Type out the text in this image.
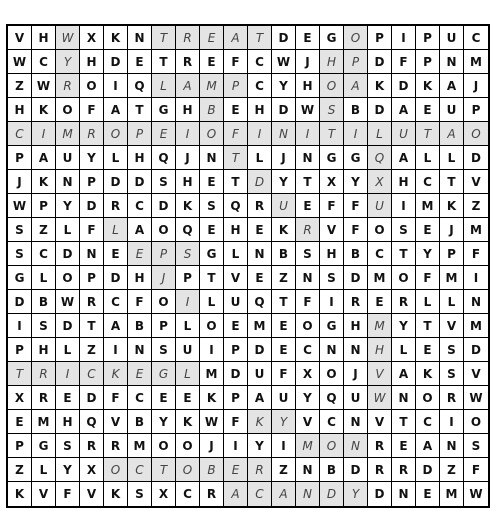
V	H	W	X	K	N	T	R	E	A	T	D	E	G	O	P	I	P	U	C
W	C	Y	H	D	E	T	R	E	F	C	W	J	H	P	D	F	P	N	M
Z	W	R	O	I	Q	L	A	M	P	C	Y	H	O	A	K	D	K	A	J
H	K	O	F	A	T	G	H	B	E	H	D	W	S	B	D	A	E	U	P
C	I	M	R	O	P	E	I	O	F	I	N	I	T	I	L	U	T	A	O
P	A	U	Y	L	H	Q	J	N	T	L	J	N	G	G	Q	A	L	L	D
J	K	N	P	D	D	S	H	E	T	D	Y	T	X	Y	X	H	C	T	V
W	P	Y	D	R	C	D	K	S	Q	R	U	E	F	F	U	I	M	K	Z
S	Z	L	F	L	A	O	Q	E	H	E	K	R	V	F	O	S	E	J	M
S	C	D	N	E	E	P	S	G	L	N	B	S	H	B	C	T	Y	P	F
G	L	O	P	D	H	J	P	T	V	E	Z	N	S	D	M	O	F	M	I
D	B	W	R	C	F	O	I	L	U	Q	T	F	I	R	E	R	L	L	N
I	S	D	T	A	B	P	L	O	E	M	E	O	G	H	M	Y	T	V	M
P	H	L	Z	I	N	S	U	I	P	D	E	C	N	N	H	L	E	S	D
T	R	I	C	K	E	G	L	M	D	U	F	X	O	J	V	A	K	S	V
X	R	E	D	F	C	E	E	K	P	A	U	Y	Q	U	W	N	O	R	W
E	M	H	Q	V	B	Y	K	W	F	K	Y	V	C	N	V	T	C	I	O
P	G	S	R	R	M	O	O	J	I	Y	I	M	O	N	R	E	A	N	S
Z	L	Y	X	O	C	T	O	B	E	R	Z	N	B	D	R	R	D	Z	F
K	V	F	V	K	S	X	C	R	A	C	A	N	D	Y	D	N	E	M W
